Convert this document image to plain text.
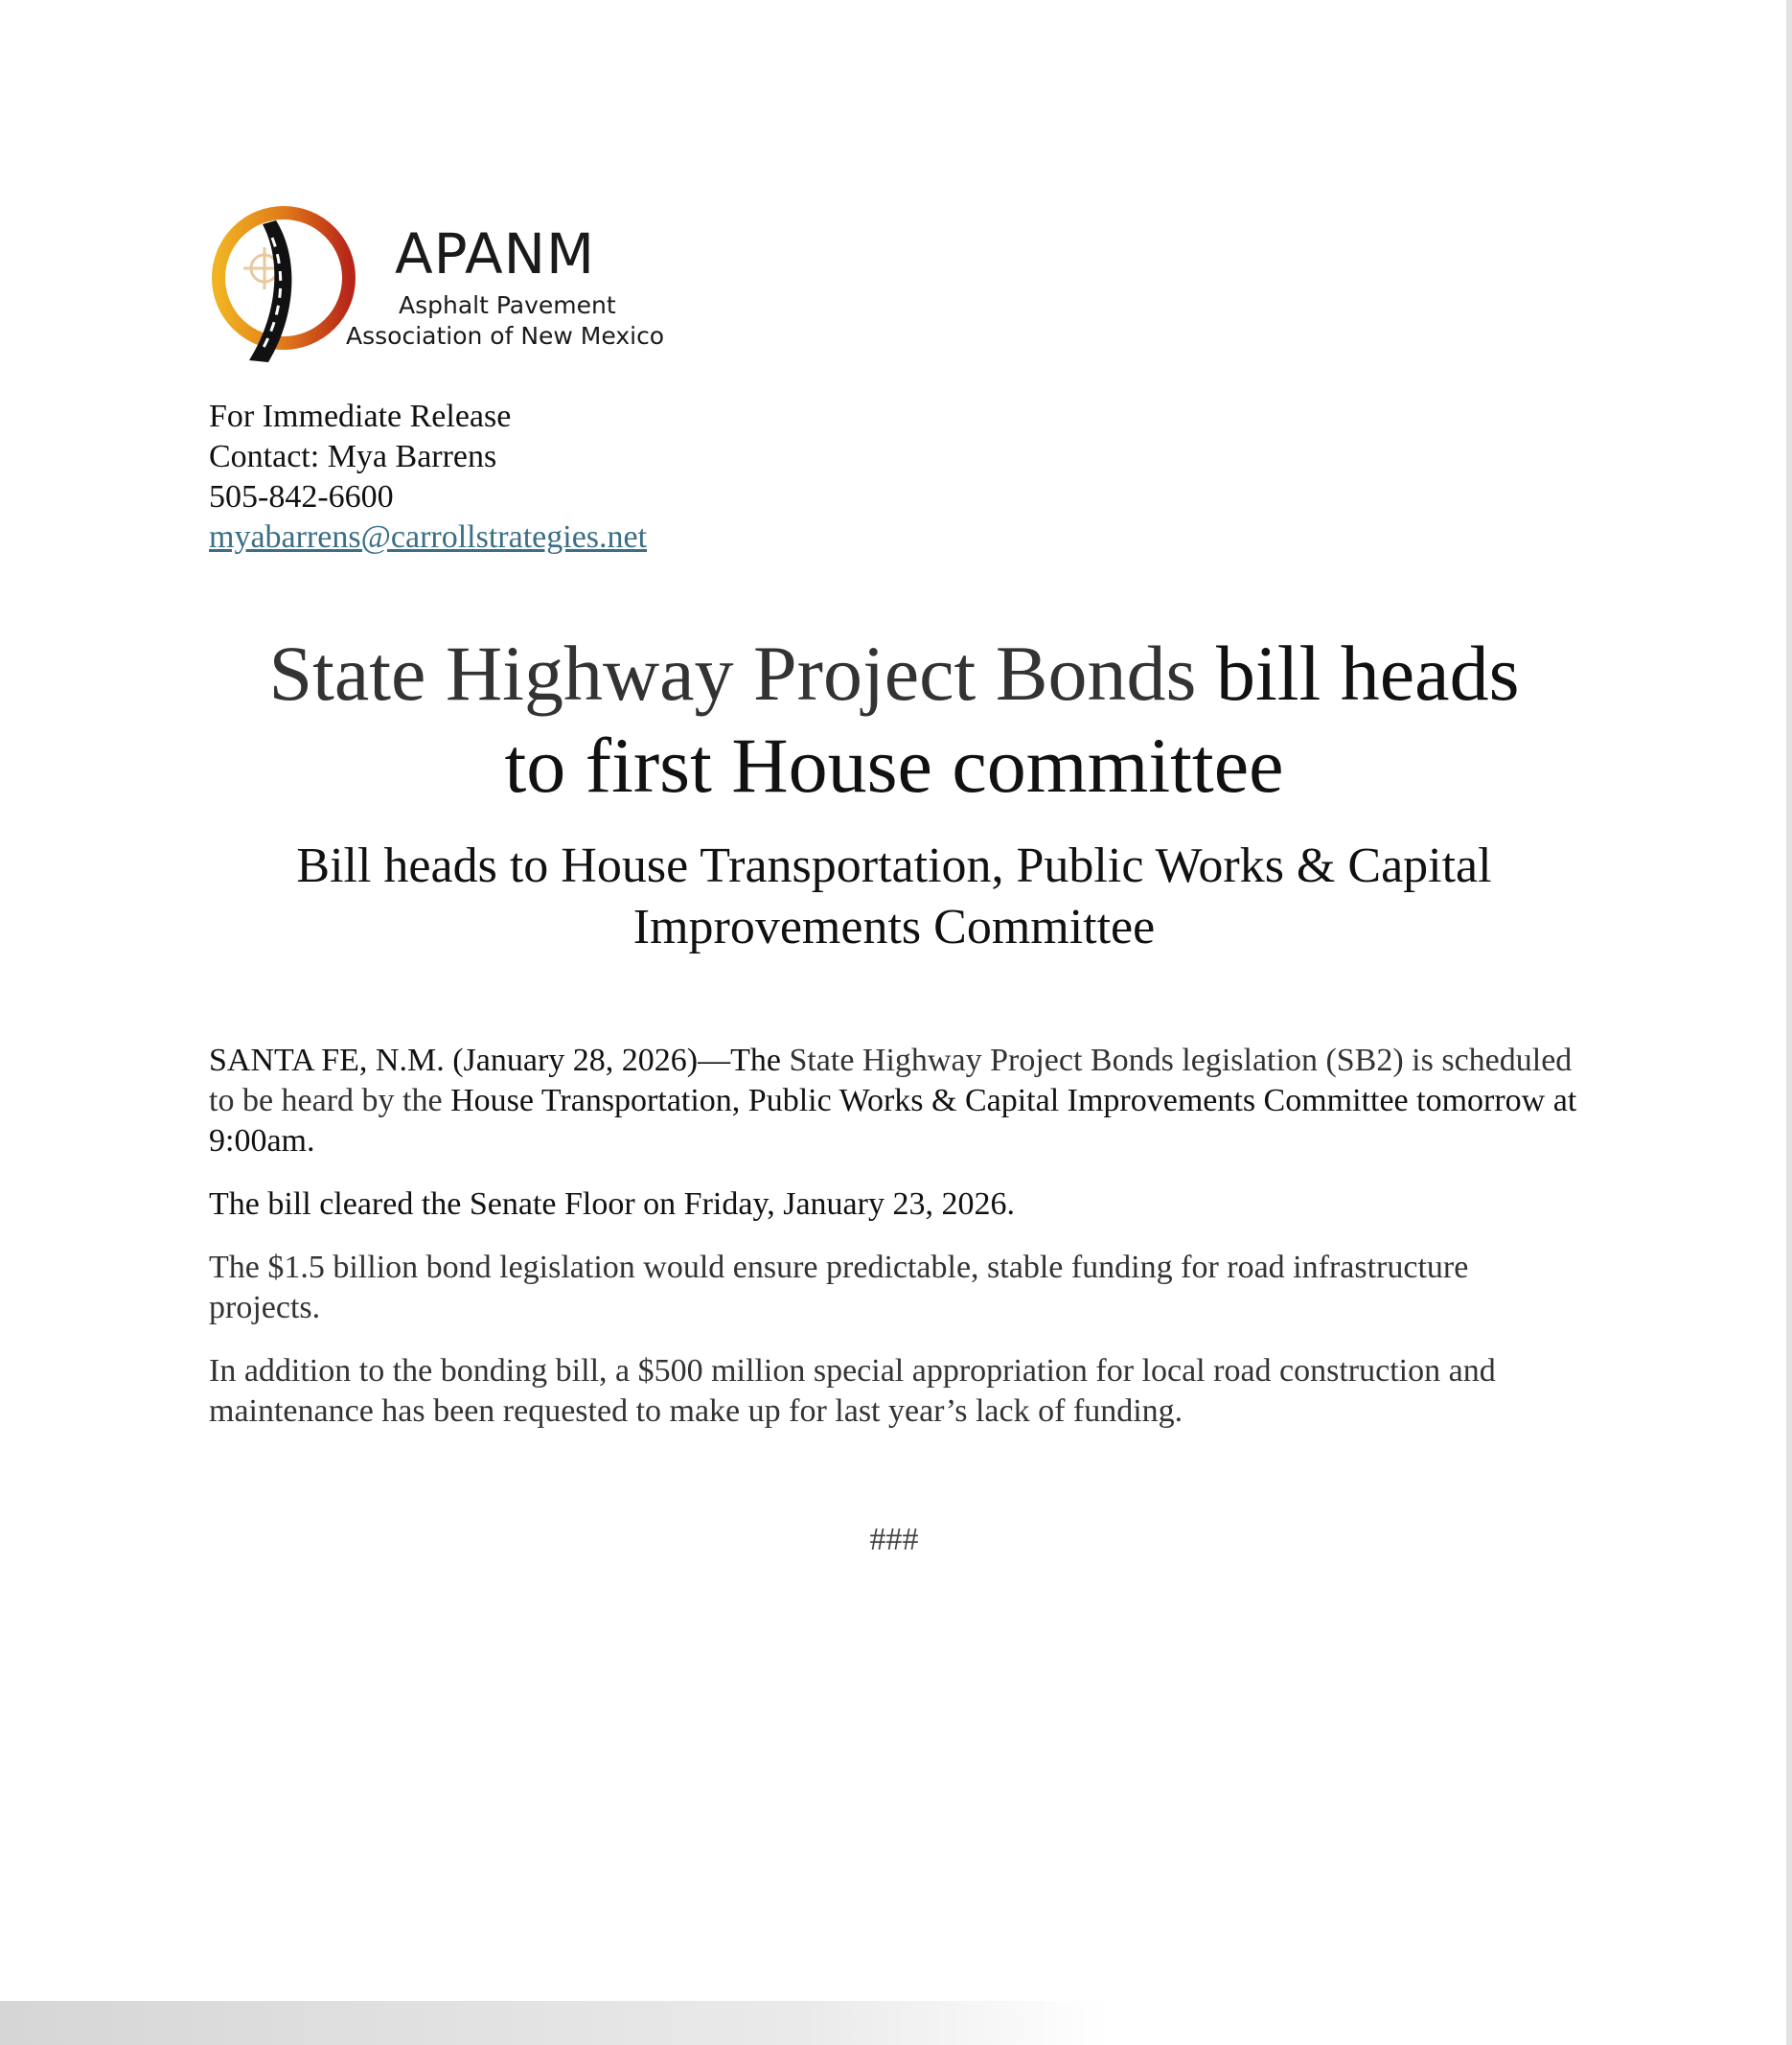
APANM
Asphalt Pavement
Association of New Mexico
For Immediate Release
Contact: Mya Barrens
505-842-6600
myabarrens@carrollstrategies.net
State Highway Project Bonds bill heads
to first House committee
Bill heads to House Transportation, Public Works & Capital
Improvements Committee

SANTA FE, N.M. (January 28, 2026)—The State Highway Project Bonds legislation (SB2) is scheduled to be heard by the House Transportation, Public Works & Capital Improvements Committee tomorrow at 9:00am.

The bill cleared the Senate Floor on Friday, January 23, 2026.

The $1.5 billion bond legislation would ensure predictable, stable funding for road infrastructure projects.

In addition to the bonding bill, a $500 million special appropriation for local road construction and maintenance has been requested to make up for last year’s lack of funding.

###
